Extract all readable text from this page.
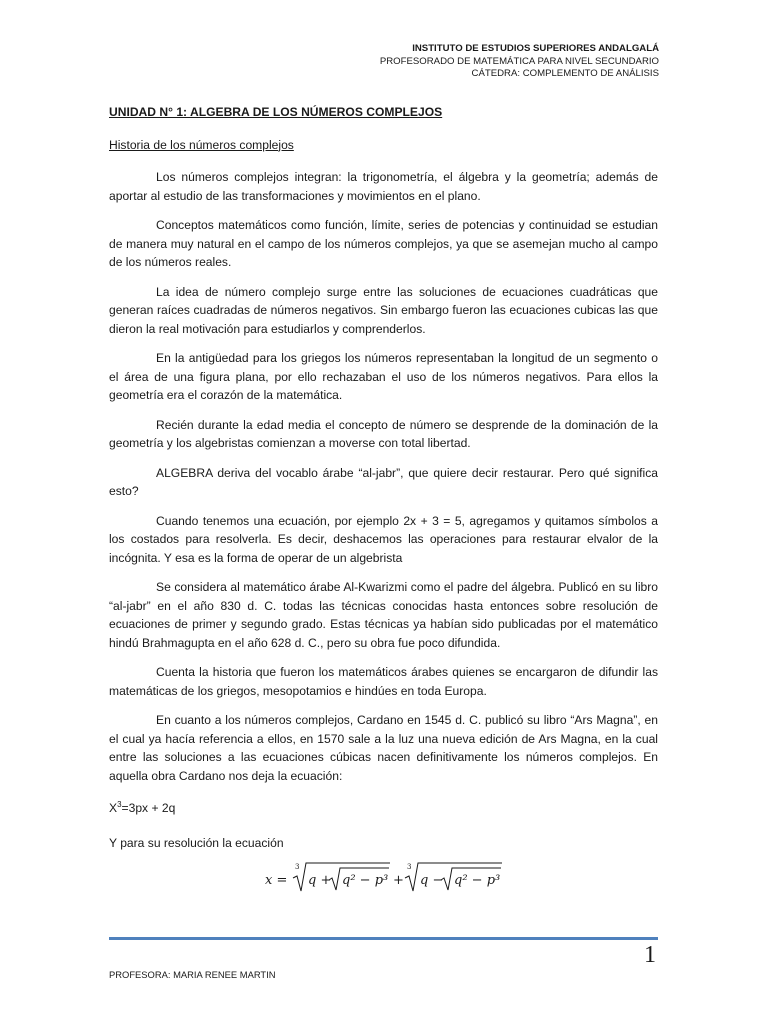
INSTITUTO DE ESTUDIOS SUPERIORES ANDALGALÁ
PROFESORADO DE MATEMÁTICA PARA NIVEL SECUNDARIO
CÁTEDRA: COMPLEMENTO DE ANÁLISIS
UNIDAD N° 1: ALGEBRA DE LOS NÚMEROS COMPLEJOS
Historia de los números complejos

Los números complejos integran: la trigonometría, el álgebra y la geometría; además de aportar al estudio de las transformaciones y movimientos en el plano.

Conceptos matemáticos como función, límite, series de potencias y continuidad se estudian de manera muy natural en el campo de los números complejos, ya que se asemejan mucho al campo de los números reales.

La idea de número complejo surge entre las soluciones de ecuaciones cuadráticas que generan raíces cuadradas de números negativos. Sin embargo fueron las ecuaciones cubicas las que dieron la real motivación para estudiarlos y comprenderlos.

En la antigüedad para los griegos los números representaban la longitud de un segmento o el área de una figura plana, por ello rechazaban el uso de los números negativos. Para ellos la geometría era el corazón de la matemática.

Recién durante la edad media el concepto de número se desprende de la dominación de la geometría y los algebristas comienzan a moverse con total libertad.

ALGEBRA deriva del vocablo árabe “al-jabr”, que quiere decir restaurar. Pero qué significa esto?

Cuando tenemos una ecuación, por ejemplo 2x + 3 = 5, agregamos y quitamos símbolos a los costados para resolverla. Es decir, deshacemos las operaciones para restaurar elvalor de la incógnita. Y esa es la forma de operar de un algebrista

Se considera al matemático árabe Al-Kwarizmi como el padre del álgebra. Publicó en su libro “al-jabr” en el año 830 d. C. todas las técnicas conocidas hasta entonces sobre resolución de ecuaciones de primer y segundo grado. Estas técnicas ya habían sido publicadas por el matemático hindú Brahmagupta en el año 628 d. C., pero su obra fue poco difundida.

Cuenta la historia que fueron los matemáticos árabes quienes se encargaron de difundir las matemáticas de los griegos, mesopotamios e hindúes en toda Europa.

En cuanto a los números complejos, Cardano en 1545 d. C. publicó su libro “Ars Magna”, en el cual ya hacía referencia a ellos, en 1570 sale a la luz una nueva edición de Ars Magna, en la cual entre las soluciones a las ecuaciones cúbicas nacen definitivamente los números complejos. En aquella obra Cardano nos deja la ecuación:

$X^3=3px + 2q$
Y para su resolución la ecuación
x =
3
q + q² − p³ +
3
q − q² − p³
1
PROFESORA: MARIA RENEE MARTIN
